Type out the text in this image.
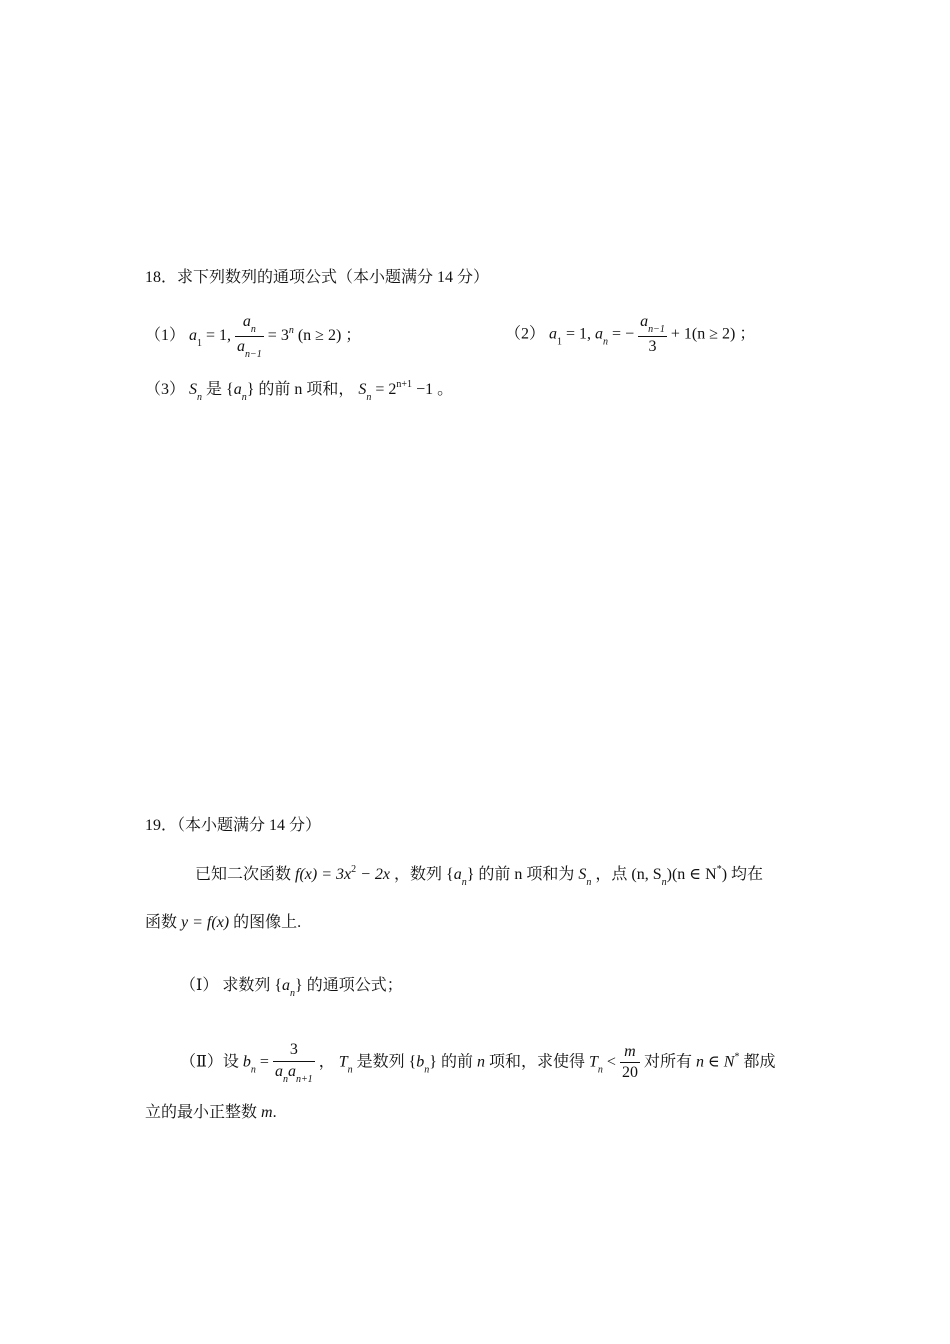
18．求下列数列的通项公式（本小题满分 14 分）
（1） $a_1 = 1$, $\frac{a_n}{a_{n-1}} = 3^n$ (n ≥ 2) ；	（2） $a_1 = 1$, $a_n$ = − $\frac{a_{n-1}}{3} + 1(n \ge 2)$ ；
（3） $S_n$ 是 $\{a_n\}$ 的前 n 项和， $S_n = 2^{n+1} -1$ 。
19．（本小题满分 14 分）
已知二次函数 $f(x) = 3x^2 - 2x$ ，数列 $\{a_n\}$ 的前 n 项和为 $S_n$ ，点 (n, $S_n)(n$ ∈ N*) 均在
函数 y = f(x) 的图像上.
（Ⅰ） 求数列 $\{a_n\}$ 的通项公式；
（Ⅱ）设 $b_n = \frac{3}{a_na_{n+1}}$ ， $T_n$ 是数列 $\{b_n\}$ 的前 n 项和，求使得 $T_n < \frac{m}{20}$ 对所有 n ∈ N* 都成
立的最小正整数 m.
